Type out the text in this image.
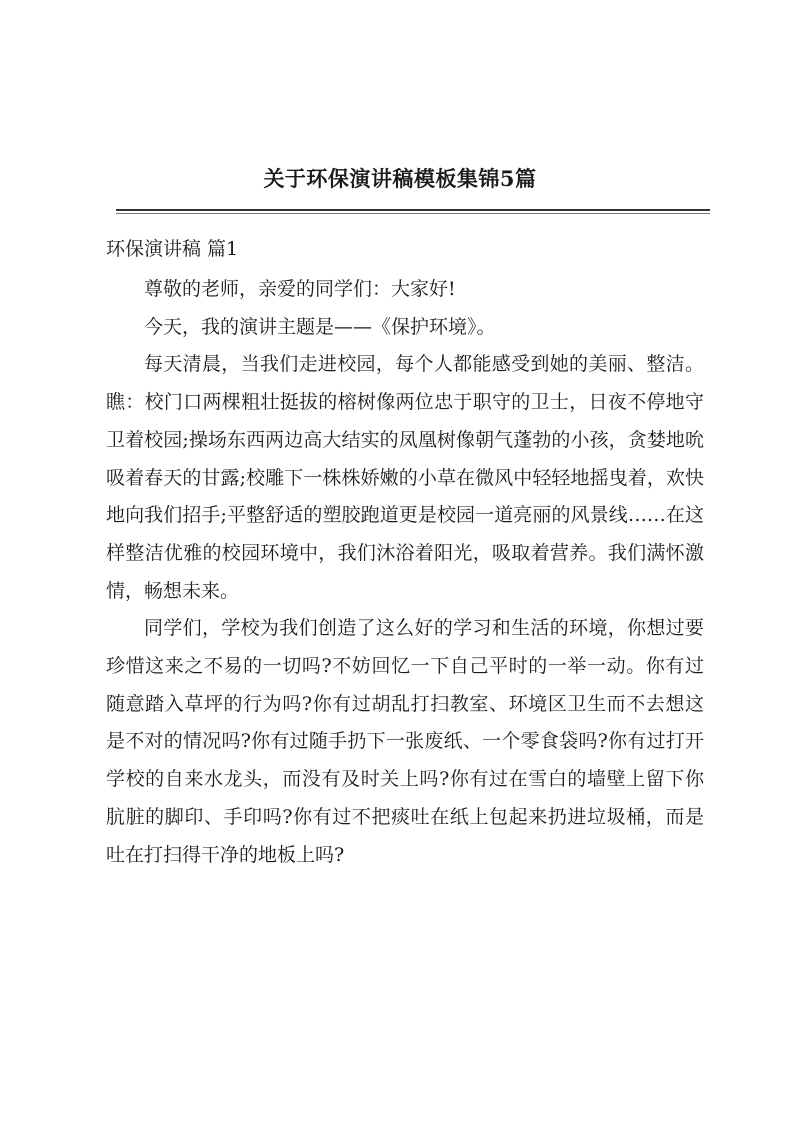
关于环保演讲稿模板集锦5篇
环保演讲稿 篇1

尊敬的老师，亲爱的同学们：大家好!

今天，我的演讲主题是——《保护环境》。

每天清晨，当我们走进校园，每个人都能感受到她的美丽、整洁。瞧：校门口两棵粗壮挺拔的榕树像两位忠于职守的卫士，日夜不停地守卫着校园;操场东西两边高大结实的凤凰树像朝气蓬勃的小孩，贪婪地吮吸着春天的甘露;校雕下一株株娇嫩的小草在微风中轻轻地摇曳着，欢快地向我们招手;平整舒适的塑胶跑道更是校园一道亮丽的风景线……在这样整洁优雅的校园环境中，我们沐浴着阳光，吸取着营养。我们满怀激情，畅想未来。

同学们，学校为我们创造了这么好的学习和生活的环境，你想过要珍惜这来之不易的一切吗?不妨回忆一下自己平时的一举一动。你有过随意踏入草坪的行为吗?你有过胡乱打扫教室、环境区卫生而不去想这是不对的情况吗?你有过随手扔下一张废纸、一个零食袋吗?你有过打开学校的自来水龙头，而没有及时关上吗?你有过在雪白的墙壁上留下你肮脏的脚印、手印吗?你有过不把痰吐在纸上包起来扔进垃圾桶，而是吐在打扫得干净的地板上吗?
